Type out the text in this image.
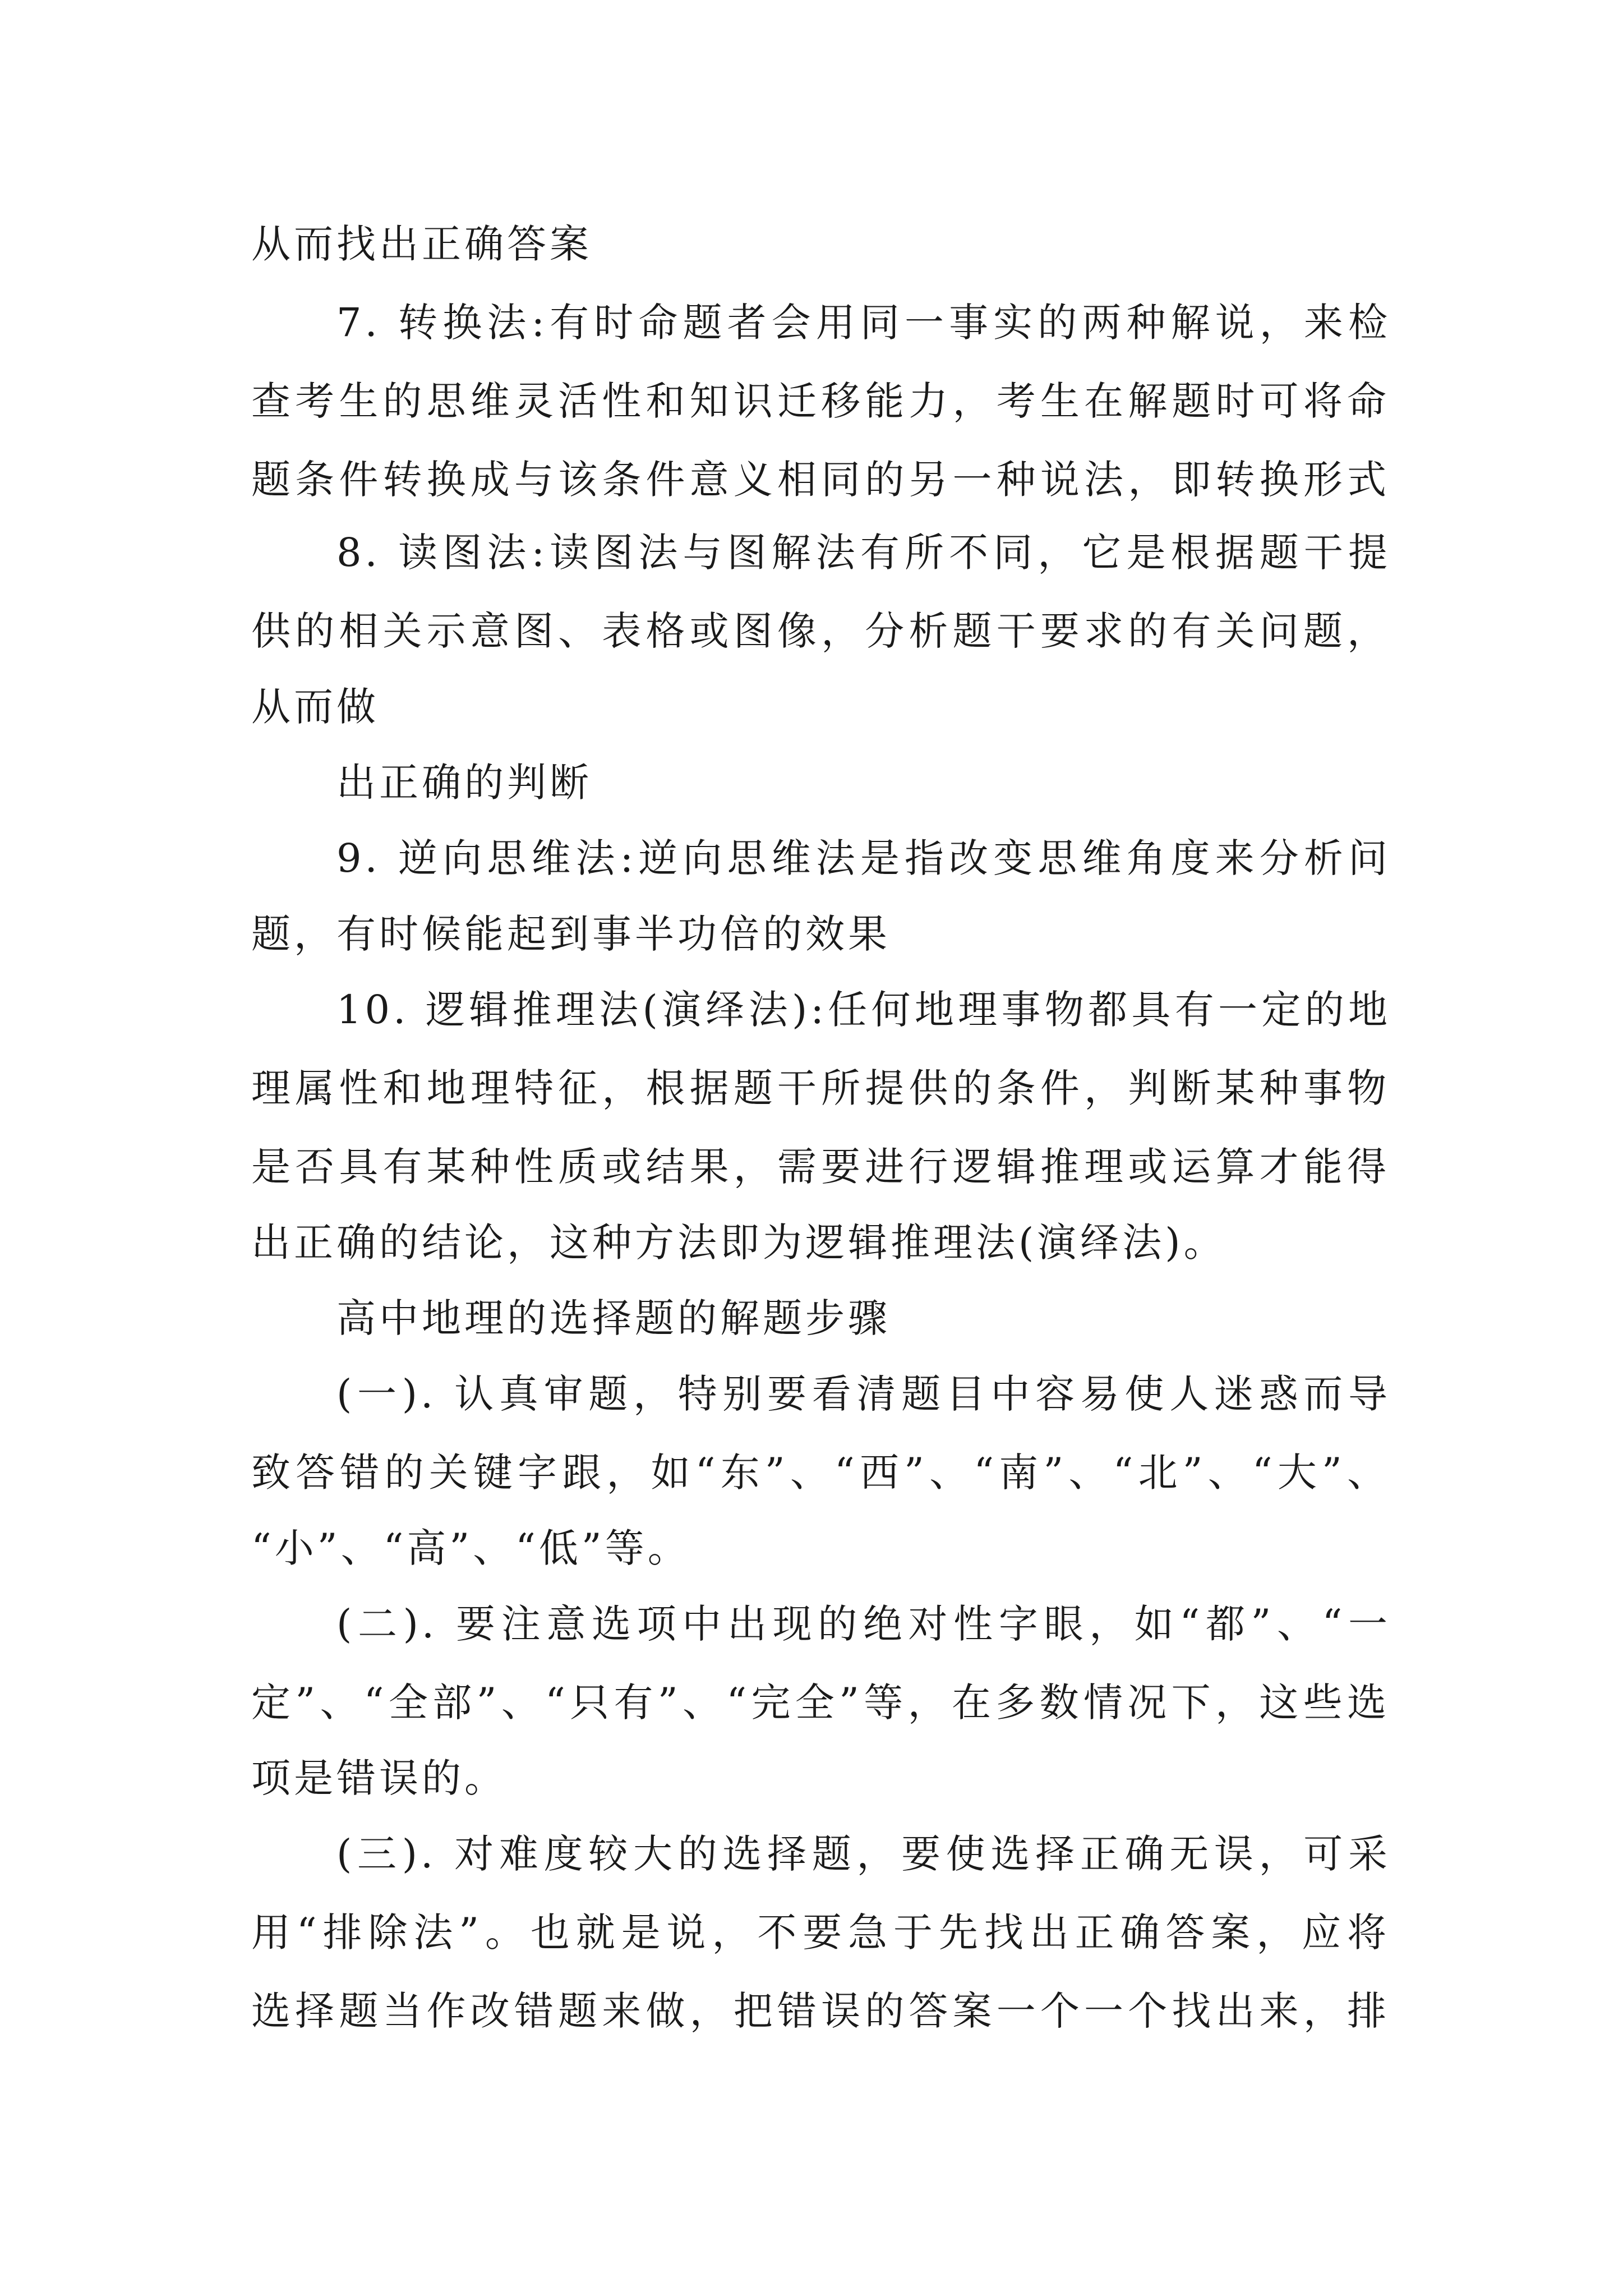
从而找出正确答案
7. 转换法:有时命题者会用同一事实的两种解说，来检
查考生的思维灵活性和知识迁移能力，考生在解题时可将命
题条件转换成与该条件意义相同的另一种说法，即转换形式
8. 读图法:读图法与图解法有所不同，它是根据题干提
供的相关示意图、表格或图像，分析题干要求的有关问题，
从而做
出正确的判断
9. 逆向思维法:逆向思维法是指改变思维角度来分析问
题，有时候能起到事半功倍的效果
10. 逻辑推理法(演绎法):任何地理事物都具有一定的地
理属性和地理特征，根据题干所提供的条件，判断某种事物
是否具有某种性质或结果，需要进行逻辑推理或运算才能得
出正确的结论，这种方法即为逻辑推理法(演绎法)。
高中地理的选择题的解题步骤
(一). 认真审题，特别要看清题目中容易使人迷惑而导
致答错的关键字跟，如“东”、“西”、“南”、“北”、“大”、
“小”、“高”、“低”等。
(二). 要注意选项中出现的绝对性字眼，如“都”、“一
定”、“全部”、“只有”、“完全”等，在多数情况下，这些选
项是错误的。
(三). 对难度较大的选择题，要使选择正确无误，可采
用“排除法”。也就是说，不要急于先找出正确答案，应将
选择题当作改错题来做，把错误的答案一个一个找出来，排
